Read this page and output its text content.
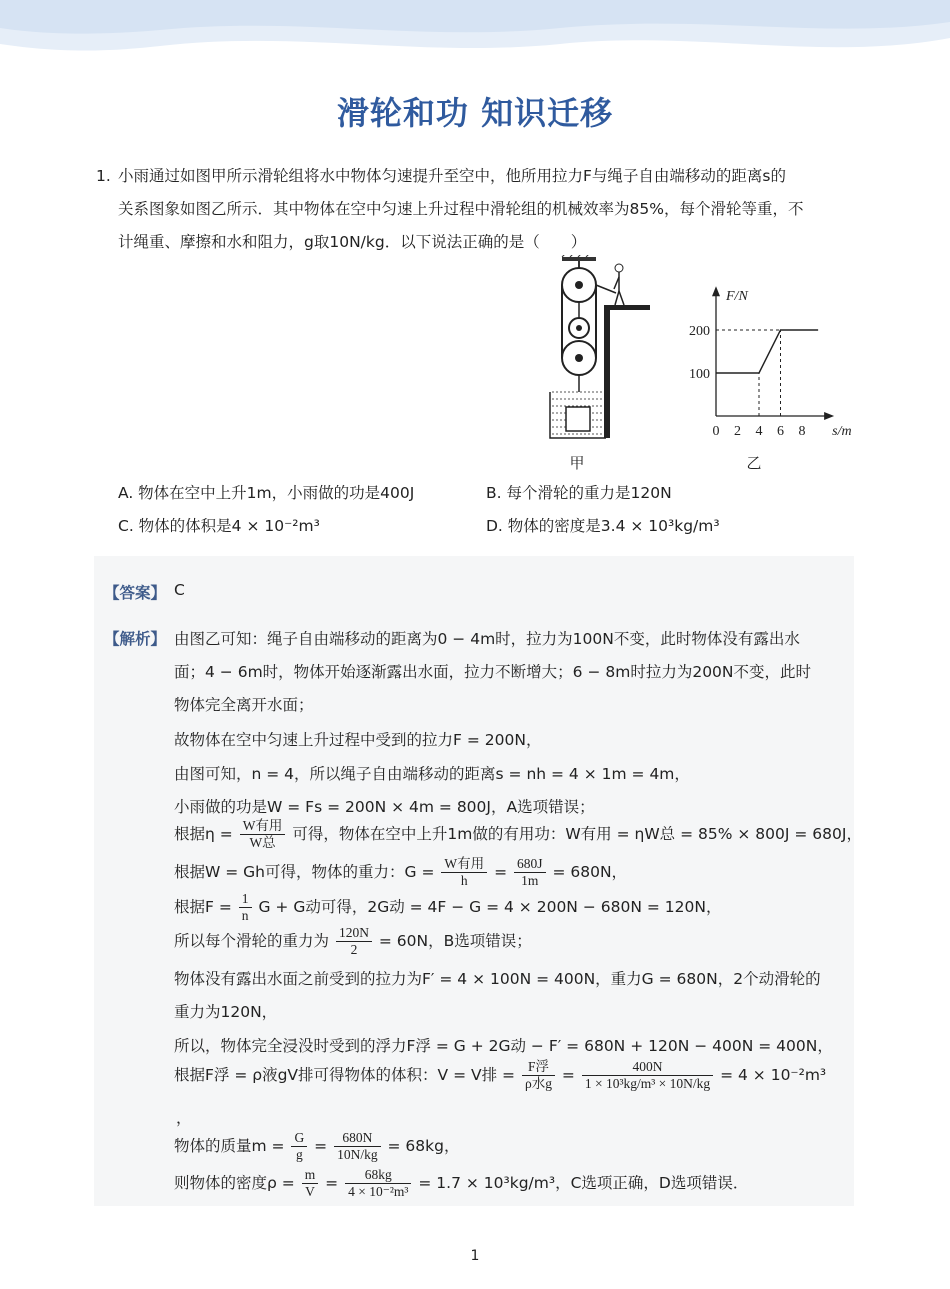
滑轮和功 知识迁移
1. 小雨通过如图甲所示滑轮组将水中物体匀速提升至空中，他所用拉力F与绳子自由端移动的距离s的
关系图象如图乙所示．其中物体在空中匀速上升过程中滑轮组的机械效率为85%，每个滑轮等重，不
计绳重、摩擦和水和阻力，g取10N/kg．以下说法正确的是（　　）
甲
F/N
s/m
0 2 4 6 8
100
200
乙
A. 物体在空中上升1m，小雨做的功是400J	B. 每个滑轮的重力是120N
C. 物体的体积是4 × 10⁻²m³	D. 物体的密度是3.4 × 10³kg/m³
【答案】 C
【解析】 由图乙可知：绳子自由端移动的距离为0 − 4m时，拉力为100N不变，此时物体没有露出水
面；4 − 6m时，物体开始逐渐露出水面，拉力不断增大；6 − 8m时拉力为200N不变，此时
物体完全离开水面；
故物体在空中匀速上升过程中受到的拉力F = 200N，
由图可知，n = 4，所以绳子自由端移动的距离s = nh = 4 × 1m = 4m，
小雨做的功是W = Fs = 200N × 4m = 800J，A选项错误；
根据$\eta = \frac{\text{W有用}}{\text{W总}}$ 可得，物体在空中上升1m做的有用功：W有用 = ηW总 = 85% × 800J = 680J，
根据W = Gh可得，物体的重力：$G = \frac{\text{W有用}}{h} = \frac{680J}{1m} = 680N$，
根据$F = \frac{1}{n}$ G + G动可得，2G动 = 4F − G = 4 × 200N − 680N = 120N，
所以每个滑轮的重力为 $\frac{120N}{2} = 60N$，B选项错误；
物体没有露出水面之前受到的拉力为F′ = 4 × 100N = 400N，重力G = 680N，2个动滑轮的
重力为120N，
所以，物体完全浸没时受到的浮力F浮 = G + 2G动 − F′ = 680N + 120N − 400N = 400N，
根据F浮 = ρ液gV排可得物体的体积：V = V排 = $\frac{\text{F浮}}{\text{ρ水g}} = \frac{400N}{\text{1 × 10³kg/m³ × 10N/kg}} = 4 \times 10^{-2}m^3$
，
物体的质量$m = \frac{G}{g} = \frac{680N}{10N/kg} = 68kg$，
则物体的密度$\rho = \frac{m}{V} = \frac{68kg}{\text{4 × 10⁻²m³}} = 1.7 \times 10^3kg/m^3$，C选项正确，D选项错误．
1
